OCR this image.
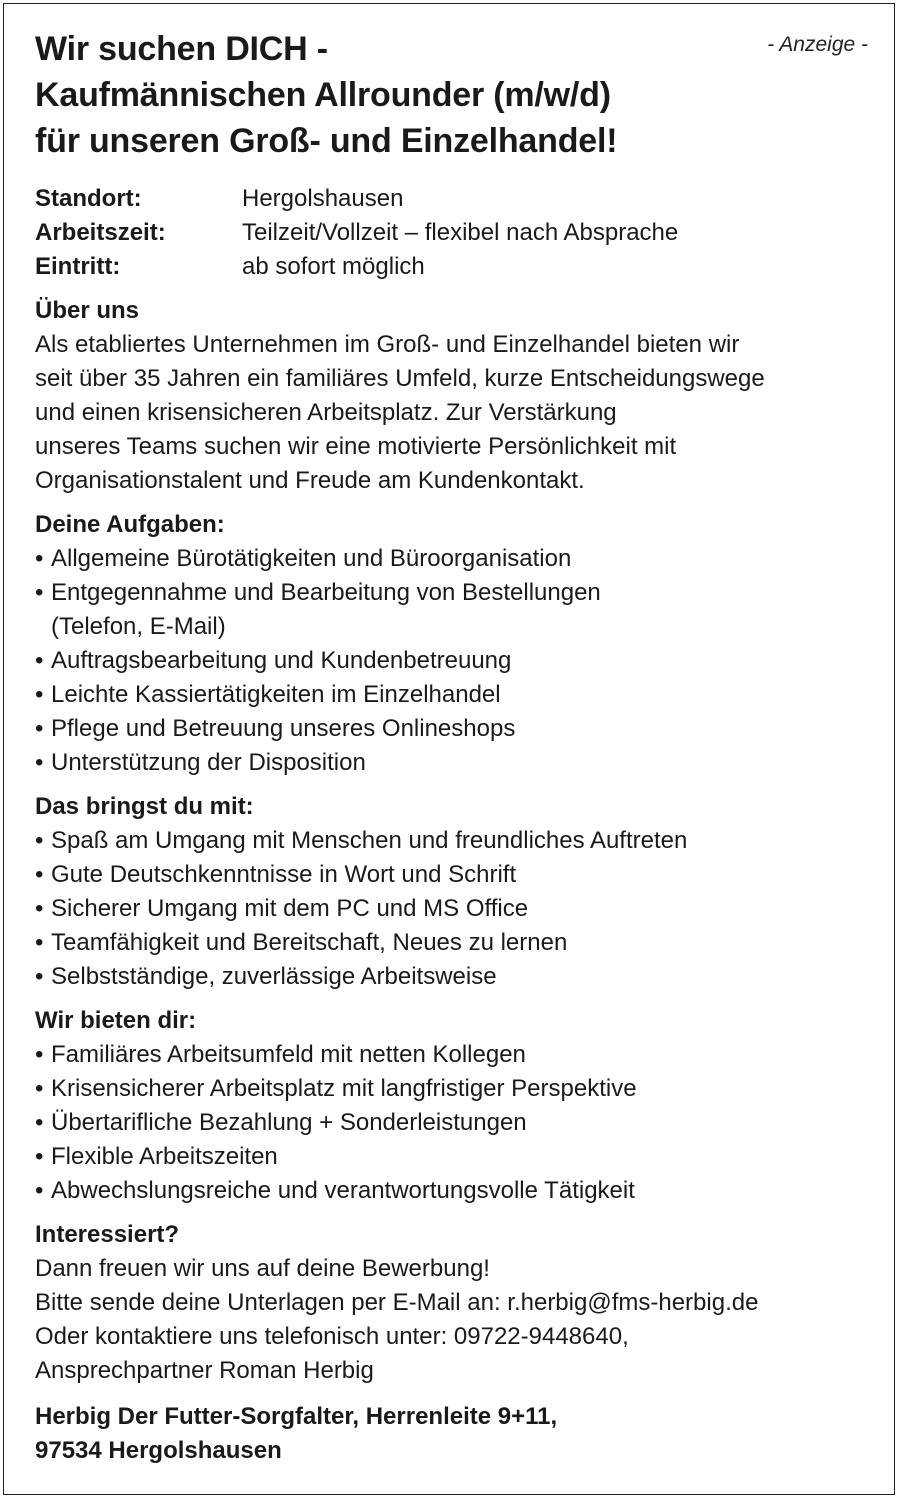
- Anzeige -
Wir suchen DICH -
Kaufmännischen Allrounder (m/w/d)
für unseren Groß- und Einzelhandel!
Standort:	Hergolshausen
Arbeitszeit:	Teilzeit/Vollzeit – flexibel nach Absprache
Eintritt:	ab sofort möglich
Über uns
Als etabliertes Unternehmen im Groß- und Einzelhandel bieten wir
seit über 35 Jahren ein familiäres Umfeld, kurze Entscheidungswege
und einen krisensicheren Arbeitsplatz. Zur Verstärkung
unseres Teams suchen wir eine motivierte Persönlichkeit mit
Organisationstalent und Freude am Kundenkontakt.
Deine Aufgaben:
• Allgemeine Bürotätigkeiten und Büroorganisation
• Entgegennahme und Bearbeitung von Bestellungen
(Telefon, E-Mail)
• Auftragsbearbeitung und Kundenbetreuung
• Leichte Kassiertätigkeiten im Einzelhandel
• Pflege und Betreuung unseres Onlineshops
• Unterstützung der Disposition
Das bringst du mit:
• Spaß am Umgang mit Menschen und freundliches Auftreten
• Gute Deutschkenntnisse in Wort und Schrift
• Sicherer Umgang mit dem PC und MS Office
• Teamfähigkeit und Bereitschaft, Neues zu lernen
• Selbstständige, zuverlässige Arbeitsweise
Wir bieten dir:
• Familiäres Arbeitsumfeld mit netten Kollegen
• Krisensicherer Arbeitsplatz mit langfristiger Perspektive
• Übertarifliche Bezahlung + Sonderleistungen
• Flexible Arbeitszeiten
• Abwechslungsreiche und verantwortungsvolle Tätigkeit
Interessiert?
Dann freuen wir uns auf deine Bewerbung!
Bitte sende deine Unterlagen per E-Mail an: r.herbig@fms-herbig.de
Oder kontaktiere uns telefonisch unter: 09722-9448640,
Ansprechpartner Roman Herbig
Herbig Der Futter-Sorgfalter, Herrenleite 9+11,
97534 Hergolshausen
